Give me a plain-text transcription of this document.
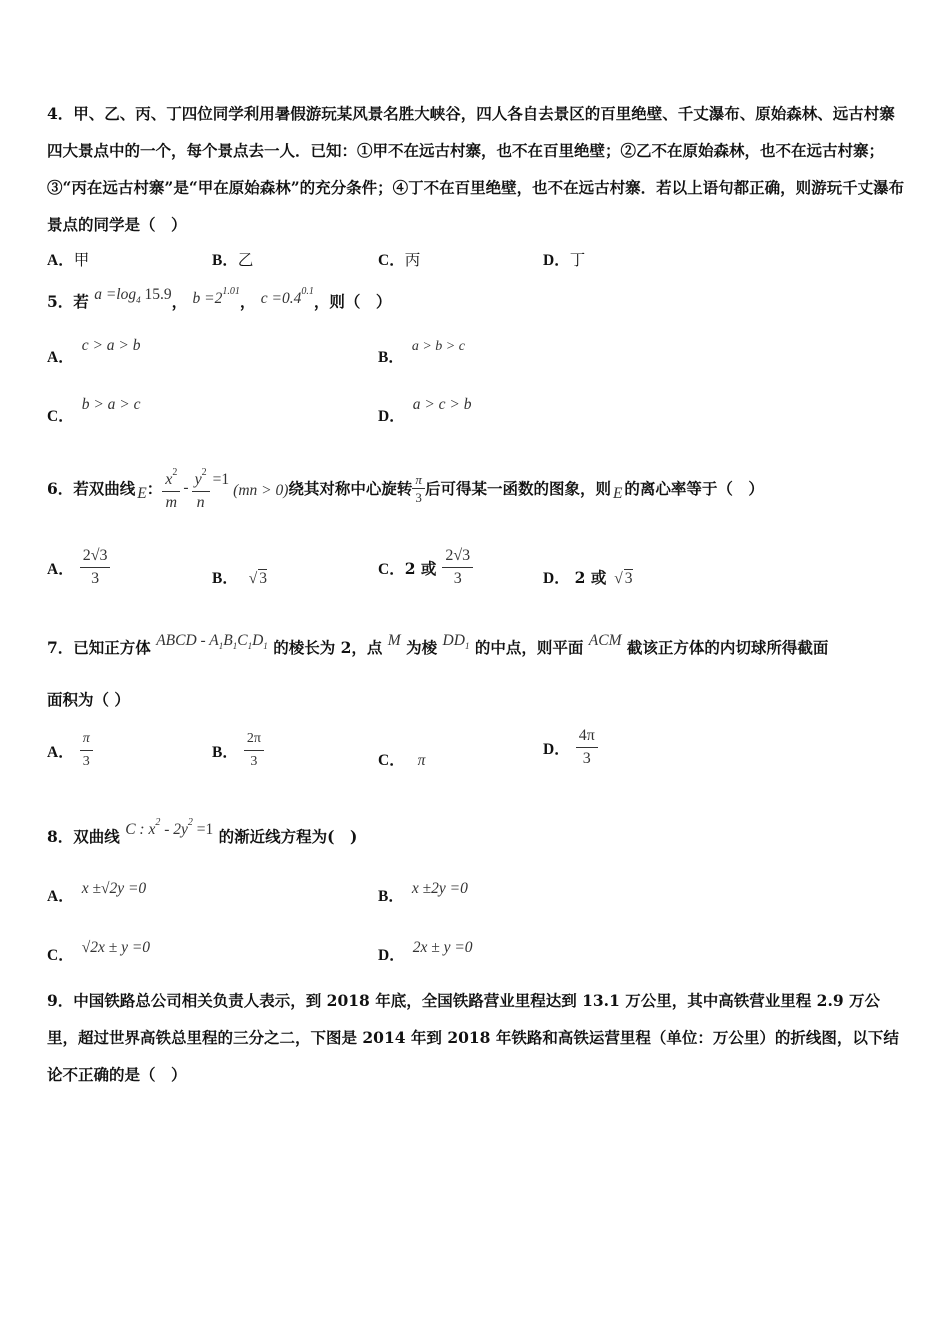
4．甲、乙、丙、丁四位同学利用暑假游玩某风景名胜大峡谷，四人各自去景区的百里绝壁、千丈瀑布、原始森林、远古村寨四大景点中的一个，每个景点去一人．已知：①甲不在远古村寨，也不在百里绝壁；②乙不在原始森林，也不在远古村寨；③“丙在远古村寨”是“甲在原始森林”的充分条件；④丁不在百里绝壁，也不在远古村寨．若以上语句都正确，则游玩千丈瀑布景点的同学是（　）
A．甲	B．乙	C．丙	D．丁
5．若 $a =\log_4$ 15.9， $b =2^{1.01}$， $c =0.4^{0.1}$，则（　）
A．c > a > b
B．a > b > c
C．b > a > c
D．a > c > b
6．若双曲线 E ： $\frac{x^2}{m} - \frac{y^2}{n} =1$
(mn > 0) 绕其对称中心旋转 $\frac{\pi}{3}$ 后可得某一函数的图象，则 E 的离心率等于（　）
A． $\frac{2√3}{3}$	B． √ 3
C． 2 或 $\frac{2√3}{3}$	D． 2 或 √ 3
7．已知正方体 ABCD - $A_1B_1C_1D_1$ 的棱长为 2，点 M 为棱 $DD_1$ 的中点，则平面 ACM 截该正方体的内切球所得截面
面积为（ ）
A． $\frac{\pi}{3}$	B． $\frac{2\pi}{3}$	C． π
D． $\frac{4\pi}{3}$
8．双曲线 C : $x^2 - 2y^2 =1$ 的渐近线方程为(　)
A． x ±√2y =0	B． x ±2y =0
C． √2x ± y =0	D． 2x ± y =0
9．中国铁路总公司相关负责人表示，到 2018 年底，全国铁路营业里程达到 13.1 万公里，其中高铁营业里程 2.9 万公里，超过世界高铁总里程的三分之二，下图是 2014 年到 2018 年铁路和高铁运营里程（单位：万公里）的折线图，以下结论不正确的是（　）
